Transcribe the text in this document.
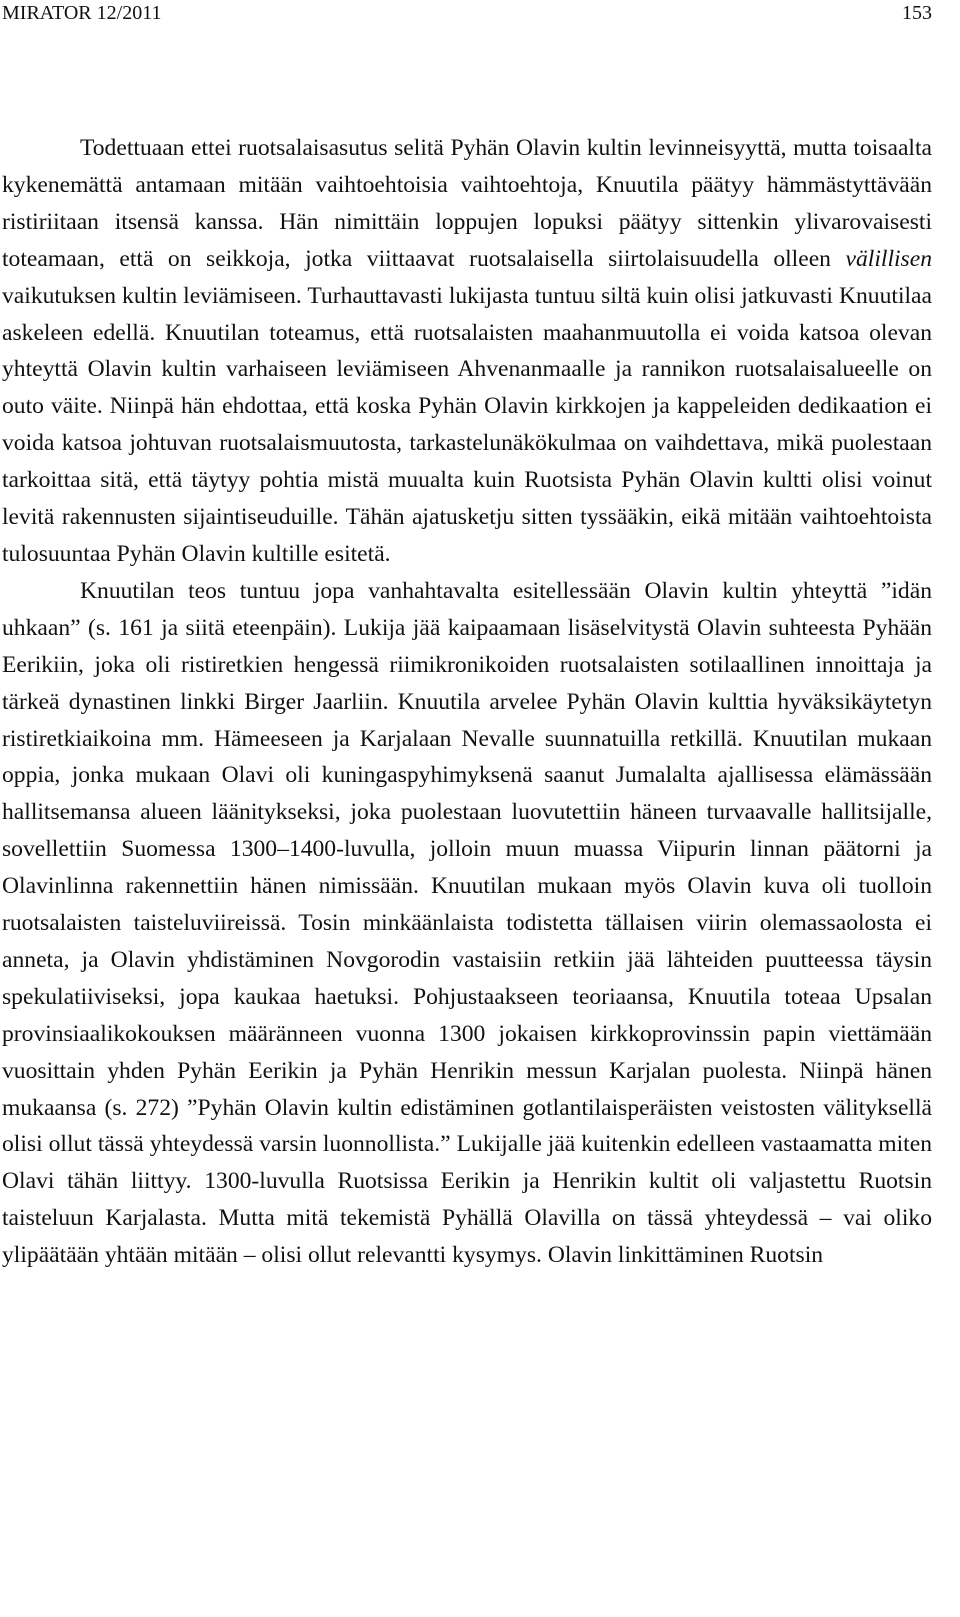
MIRATOR 12/2011	153

Todettuaan ettei ruotsalaisasutus selitä Pyhän Olavin kultin levinneisyyttä, mutta toisaalta kykenemättä antamaan mitään vaihtoehtoisia vaihtoehtoja, Knuutila päätyy hämmästyttävään ristiriitaan itsensä kanssa. Hän nimittäin loppujen lopuksi päätyy sittenkin ylivarovaisesti toteamaan, että on seikkoja, jotka viittaavat ruotsalaisella siirtolaisuudella olleen välillisen vaikutuksen kultin leviämiseen. Turhauttavasti lukijasta tuntuu siltä kuin olisi jatkuvasti Knuutilaa askeleen edellä. Knuutilan toteamus, että ruotsalaisten maahanmuutolla ei voida katsoa olevan yhteyttä Olavin kultin varhaiseen leviämiseen Ahvenanmaalle ja rannikon ruotsalaisalueelle on outo väite. Niinpä hän ehdottaa, että koska Pyhän Olavin kirkkojen ja kappeleiden dedikaation ei voida katsoa johtuvan ruotsalaismuutosta, tarkastelunäkökulmaa on vaihdettava, mikä puolestaan tarkoittaa sitä, että täytyy pohtia mistä muualta kuin Ruotsista Pyhän Olavin kultti olisi voinut levitä rakennusten sijaintiseuduille. Tähän ajatusketju sitten tyssääkin, eikä mitään vaihtoehtoista tulosuuntaa Pyhän Olavin kultille esitetä.

Knuutilan teos tuntuu jopa vanhahtavalta esitellessään Olavin kultin yhteyttä ”idän uhkaan” (s. 161 ja siitä eteenpäin). Lukija jää kaipaamaan lisäselvitystä Olavin suhteesta Pyhään Eerikiin, joka oli ristiretkien hengessä riimikronikoiden ruotsalaisten sotilaallinen innoittaja ja tärkeä dynastinen linkki Birger Jaarliin. Knuutila arvelee Pyhän Olavin kulttia hyväksikäytetyn ristiretkiaikoina mm. Hämeeseen ja Karjalaan Nevalle suunnatuilla retkillä. Knuutilan mukaan oppia, jonka mukaan Olavi oli kuningaspyhimyksenä saanut Jumalalta ajallisessa elämässään hallitsemansa alueen läänitykseksi, joka puolestaan luovutettiin häneen turvaavalle hallitsijalle, sovellettiin Suomessa 1300–1400-luvulla, jolloin muun muassa Viipurin linnan päätorni ja Olavinlinna rakennettiin hänen nimissään. Knuutilan mukaan myös Olavin kuva oli tuolloin ruotsalaisten taisteluviireissä. Tosin minkäänlaista todistetta tällaisen viirin olemassaolosta ei anneta, ja Olavin yhdistäminen Novgorodin vastaisiin retkiin jää lähteiden puutteessa täysin spekulatiiviseksi, jopa kaukaa haetuksi. Pohjustaakseen teoriaansa, Knuutila toteaa Upsalan provinsiaalikokouksen määränneen vuonna 1300 jokaisen kirkkoprovinssin papin viettämään vuosittain yhden Pyhän Eerikin ja Pyhän Henrikin messun Karjalan puolesta. Niinpä hänen mukaansa (s. 272) ”Pyhän Olavin kultin edistäminen gotlantilaisperäisten veistosten välityksellä olisi ollut tässä yhteydessä varsin luonnollista.” Lukijalle jää kuitenkin edelleen vastaamatta miten Olavi tähän liittyy. 1300-luvulla Ruotsissa Eerikin ja Henrikin kultit oli valjastettu Ruotsin taisteluun Karjalasta. Mutta mitä tekemistä Pyhällä Olavilla on tässä yhteydessä – vai oliko ylipäätään yhtään mitään – olisi ollut relevantti kysymys. Olavin linkittäminen Ruotsin
